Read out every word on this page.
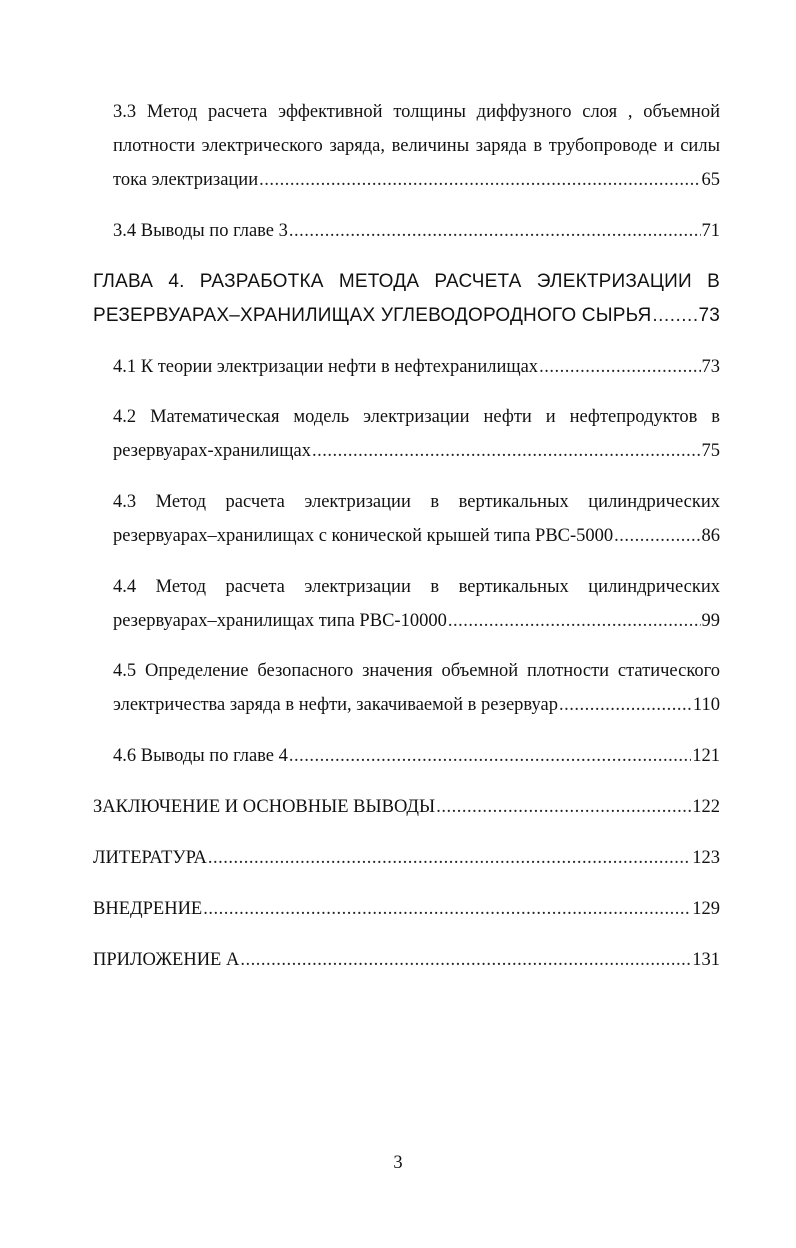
3.3 Метод расчета эффективной толщины диффузного слоя , объемной
плотности электрического заряда, величины заряда в трубопроводе и силы
тока электризации .....	65
3.4 Выводы по главе 3 .....	71
ГЛАВА 4. РАЗРАБОТКА МЕТОДА РАСЧЕТА ЭЛЕКТРИЗАЦИИ В
РЕЗЕРВУАРАХ–ХРАНИЛИЩАХ УГЛЕВОДОРОДНОГО СЫРЬЯ ..... 73
4.1 К теории электризации нефти в нефтехранилищах .....	73
4.2 Математическая модель электризации нефти и нефтепродуктов в
резервуарах-хранилищах .....	75
4.3 Метод расчета электризации в вертикальных цилиндрических
резервуарах–хранилищах с конической крышей типа РВС-5000 .....	86
4.4 Метод расчета электризации в вертикальных цилиндрических
резервуарах–хранилищах типа РВС-10000 .....	99
4.5 Определение безопасного значения объемной плотности статического
электричества заряда в нефти, закачиваемой в резервуар .....	110
4.6 Выводы по главе 4 .....	121
ЗАКЛЮЧЕНИЕ И ОСНОВНЫЕ ВЫВОДЫ .....	122
ЛИТЕРАТУРА .....	123
ВНЕДРЕНИЕ .....	129
ПРИЛОЖЕНИЕ А .....	131
3
